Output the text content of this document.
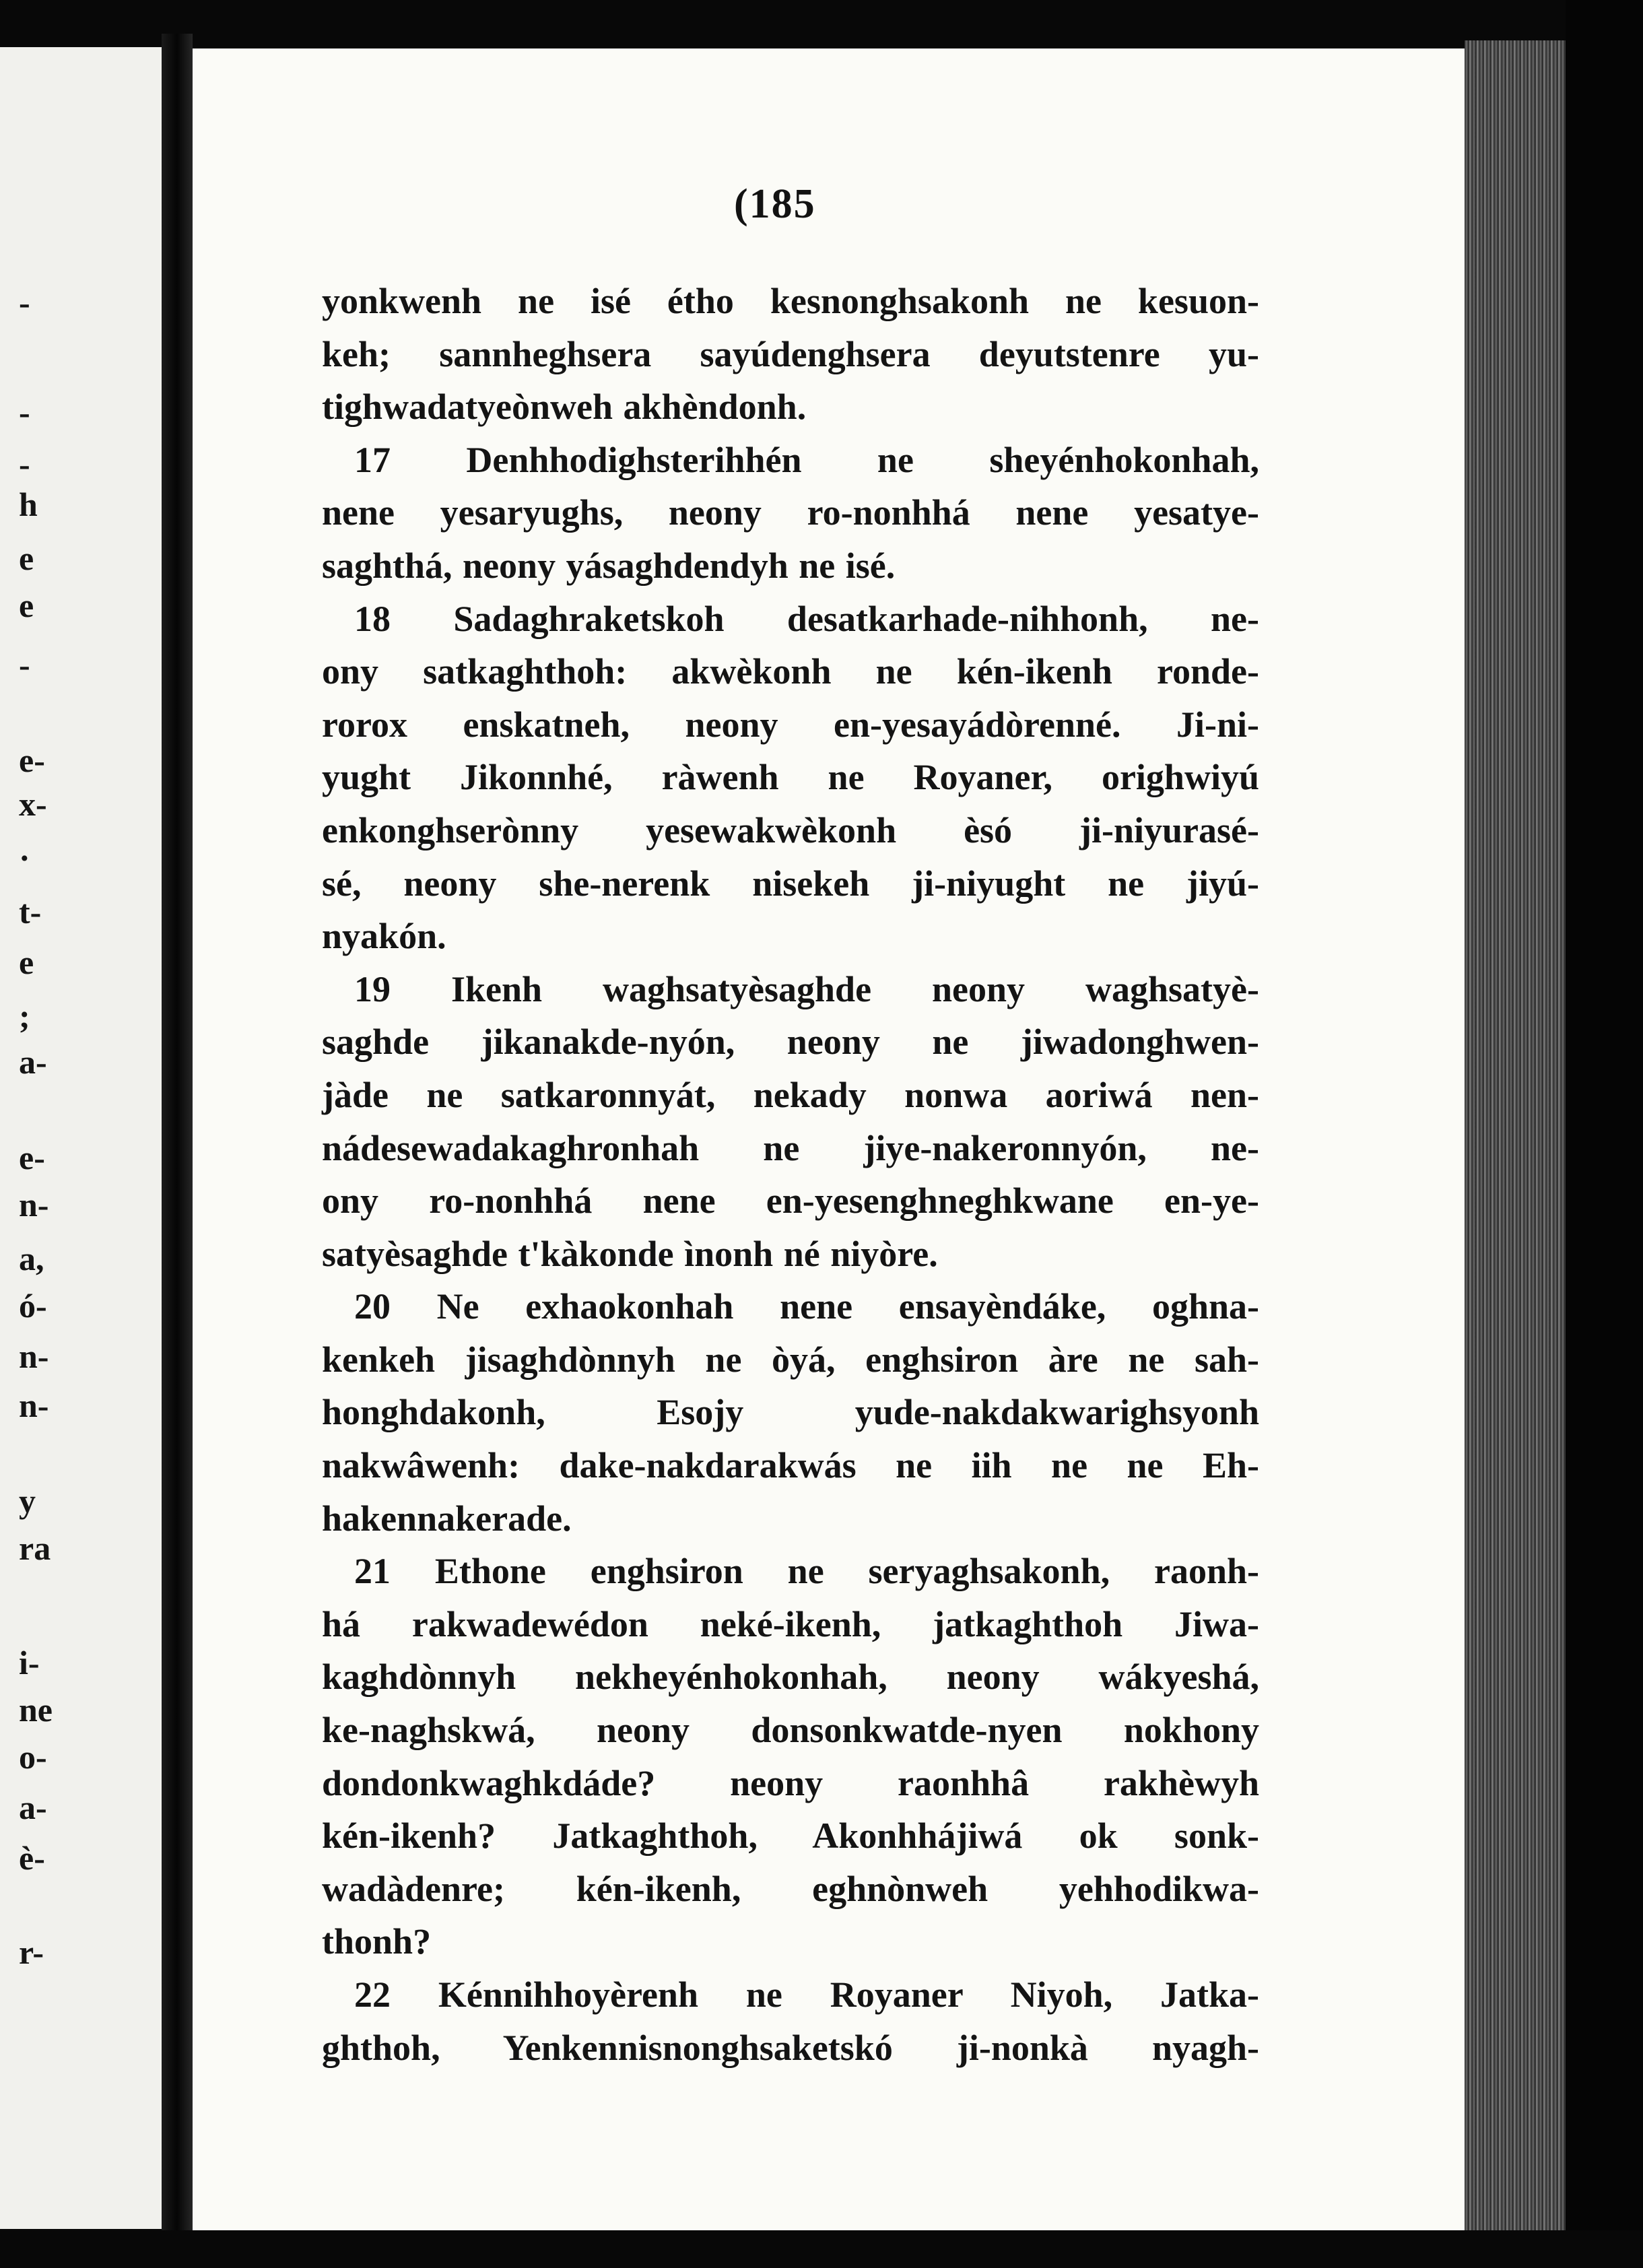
-

-

-

h

e

e

-

e-

x-

·

t-

e

;

a-

e-

n-

a,

ó-

n-

n-

y

ra

i-

ne

o-

a-

è-

r-

(185

yonkwenh ne isé étho kesnonghsakonh ne kesuon-

keh; sannheghsera sayúdenghsera deyutstenre yu-

tighwadatyeònweh akhèndonh.

17 Denhhodighsterihhén ne sheyénhokonhah,

nene yesaryughs, neony ro-nonhhá nene yesatye-

saghthá, neony yásaghdendyh ne isé.

18 Sadaghraketskoh desatkarhade-nihhonh, ne-

ony satkaghthoh: akwèkonh ne kén-ikenh ronde-

rorox enskatneh, neony en-yesayádòrenné. Ji-ni-

yught Jikonnhé, ràwenh ne Royaner, orighwiyú

enkonghserònny yesewakwèkonh èsó ji-niyurasé-

sé, neony she-nerenk nisekeh ji-niyught ne jiyú-

nyakón.

19 Ikenh waghsatyèsaghde neony waghsatyè-

saghde jikanakde-nyón, neony ne jiwadonghwen-

jàde ne satkaronnyát, nekady nonwa aoriwá nen-

nádesewadakaghronhah ne jiye-nakeronnyón, ne-

ony ro-nonhhá nene en-yesenghneghkwane en-ye-

satyèsaghde t'kàkonde ìnonh né niyòre.

20 Ne exhaokonhah nene ensayèndáke, oghna-

kenkeh jisaghdònnyh ne òyá, enghsiron àre ne sah-

honghdakonh, Esojy yude-nakdakwarighsyonh

nakwâwenh: dake-nakdarakwás ne iih ne ne Eh-

hakennakerade.

21 Ethone enghsiron ne seryaghsakonh, raonh-

há rakwadewédon neké-ikenh, jatkaghthoh Jiwa-

kaghdònnyh nekheyénhokonhah, neony wákyeshá,

ke-naghskwá, neony donsonkwatde-nyen nokhony

dondonkwaghkdáde? neony raonhhâ rakhèwyh

kén-ikenh? Jatkaghthoh, Akonhhájiwá ok sonk-

wadàdenre; kén-ikenh, eghnònweh yehhodikwa-

thonh?

22 Kénnihhoyèrenh ne Royaner Niyoh, Jatka-

ghthoh, Yenkennisnonghsaketskó ji-nonkà nyagh-
